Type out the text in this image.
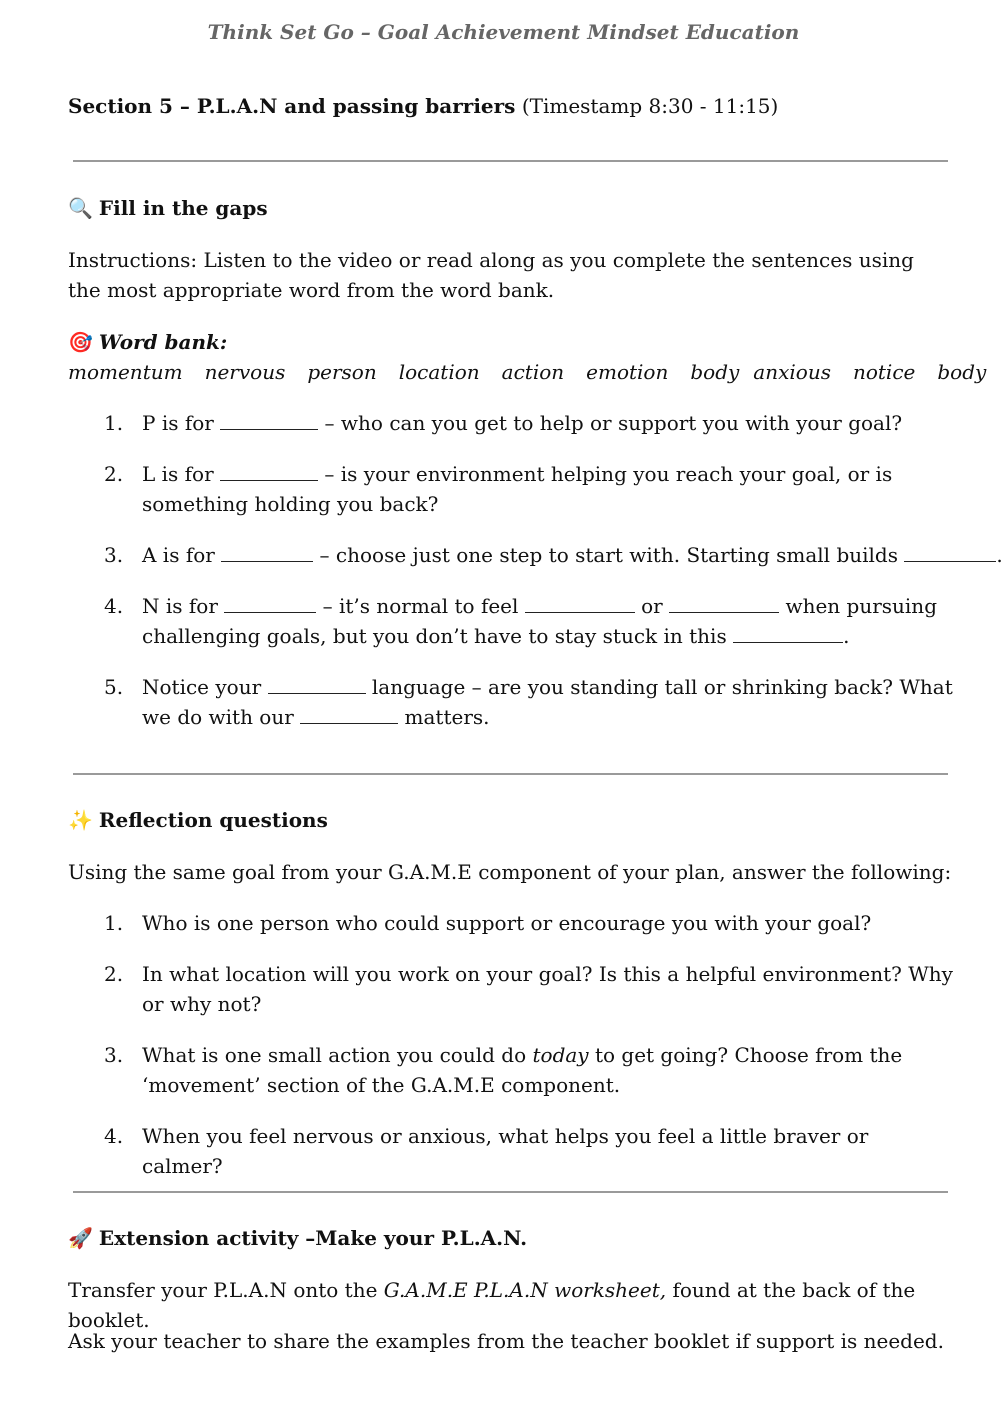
Think Set Go – Goal Achievement Mindset Education
Section 5 – P.L.A.N and passing barriers (Timestamp 8:30 - 11:15)
🔍 Fill in the gaps
Instructions: Listen to the video or read along as you complete the sentences using the most appropriate word from the word bank.
🎯 Word bank: momentum nervous person location action emotion body anxious notice body
1. P is for	– who can you get to help or support you with your goal?
2. L is for	– is your environment helping you reach your goal, or is something holding you back?
3. A is for	– choose just one step to start with. Starting small builds	.
4. N is for	– it’s normal to feel	or	when pursuing challenging goals, but you don’t have to stay stuck in this	.
5. Notice your	language – are you standing tall or shrinking back? What we do with our	matters.
✨ Reflection questions
Using the same goal from your G.A.M.E component of your plan, answer the following:
1. Who is one person who could support or encourage you with your goal?
2. In what location will you work on your goal? Is this a helpful environment? Why or why not?
3. What is one small action you could do today to get going? Choose from the ‘movement’ section of the G.A.M.E component.
4. When you feel nervous or anxious, what helps you feel a little braver or calmer?
🚀 Extension activity –Make your P.L.A.N.
Transfer your P.L.A.N onto the G.A.M.E P.L.A.N worksheet, found at the back of the booklet.
Ask your teacher to share the examples from the teacher booklet if support is needed.
